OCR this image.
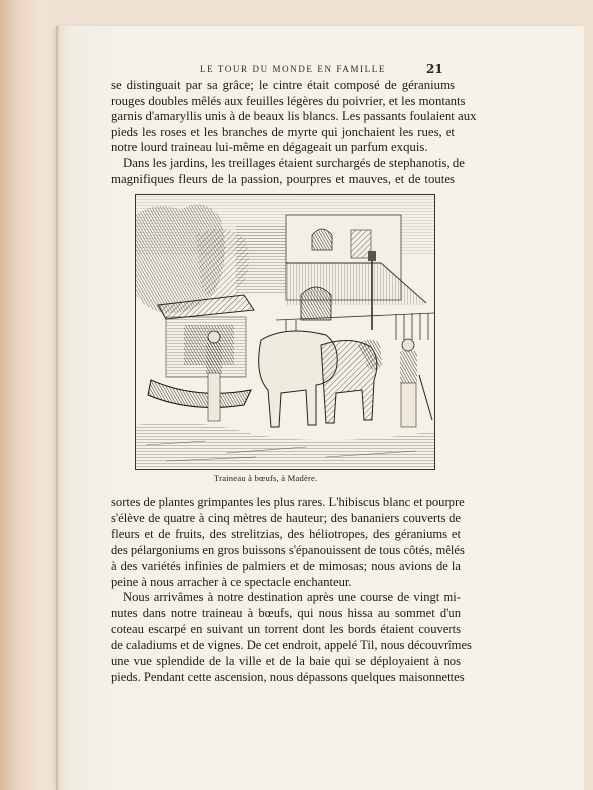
LE TOUR DU MONDE EN FAMILLE	21
se distinguait par sa grâce; le cintre était composé de géraniums
rouges doubles mêlés aux feuilles légères du poivrier, et les montants
garnis d'amaryllis unis à de beaux lis blancs. Les passants foulaient aux
pieds les roses et les branches de myrte qui jonchaient les rues, et
notre lourd traineau lui-même en dégageait un parfum exquis.
Dans les jardins, les treillages étaient surchargés de stephanotis, de
magnifiques fleurs de la passion, pourpres et mauves, et de toutes
Traineau à bœufs, à Madère.
sortes de plantes grimpantes les plus rares. L'hibiscus blanc et pourpre
s'élève de quatre à cinq mètres de hauteur; des bananiers couverts de
fleurs et de fruits, des strelitzias, des héliotropes, des géraniums et
des pélargoniums en gros buissons s'épanouissent de tous côtés, mêlés
à des variétés infinies de palmiers et de mimosas; nous avions de la
peine à nous arracher à ce spectacle enchanteur.
Nous arrivâmes à notre destination après une course de vingt mi-
nutes dans notre traineau à bœufs, qui nous hissa au sommet d'un
coteau escarpé en suivant un torrent dont les bords étaient couverts
de caladiums et de vignes. De cet endroit, appelé Til, nous découvrîmes
une vue splendide de la ville et de la baie qui se déployaient à nos
pieds. Pendant cette ascension, nous dépassons quelques maisonnettes
